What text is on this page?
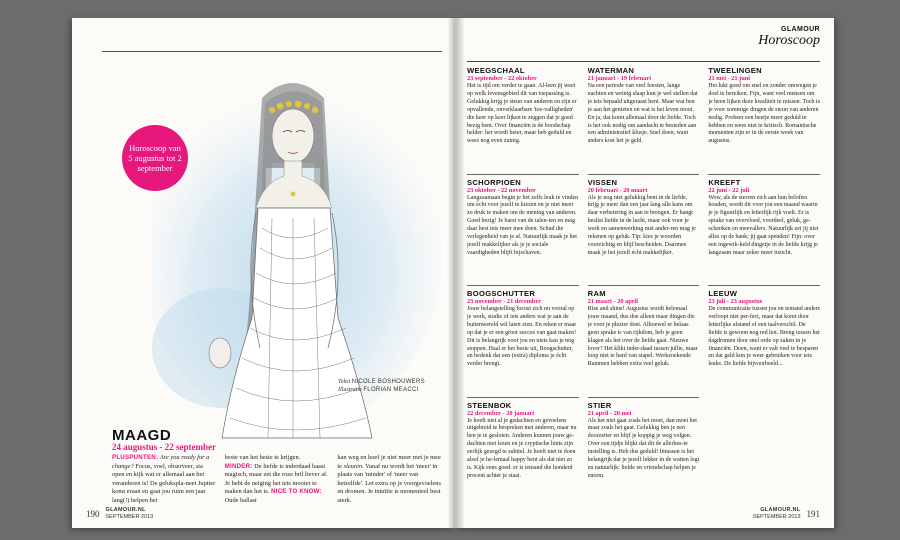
Horoscoop van 5 augustus tot 2 september
Tekst NICOLE BOSHOUWERS
Illustratie FLORIAN MEACCI
MAAGD
24 augustus - 22 september
PLUSPUNTEN: Are you ready for a change? Focus, voel, observeer, sta open en kijk wat er allemaal aan het veranderen is! De gelukspla-neet Jupiter komt eraan en gaat jou ruim een jaar lang(!) helpen het
beste van het beste te krijgen. MINDER: De liefde is inderdaad haast magisch, maar zet die roze bril liever af. Je hebt de neiging het iets mooier te maken dan het is. NICE TO KNOW: Oude ballast
kan weg en hoef je niet meer met je mee te sleuren. Vanaf nu wordt het 'meer' in plaats van 'minder' of 'meer van hetzelfde'. Let extra op je voorgevoelens en dromen. Je intuïtie is momenteel best sterk.
190 GLAMOUR.NL
SEPTEMBER 2013
GLAMOUR
Horoscoop
WEEGSCHAAL
23 september - 22 oktober

Het is tijd om verder te gaan. Al-leen jij weet op welk levensgebied dit van toepassing is. Gelukkig krijg je steun van anderen en zijn er opvallende, onverklaarbare 'toe-valligheden' die keer op keer lijken te zeggen dat je goed bezig bent. Over financiën is de boodschap helder: het wordt beter, maar heb geduld en wees nog even zuinig.

WATERMAN
21 januari - 19 februari

Na een periode van veel feesten, lange nachten en weinig slaap kun je wel stellen dat je iets bepaald uitgeraast bent. Maar wat ben je aan het genieten en wat is het leven mooi. En ja, dat komt allemaal door de liefde. Toch is het ook nodig om aandacht te besteden aan een administratief klusje. Snel doen, want anders kost het je geld.

TWEELINGEN
21 mei - 21 juni

Het lukt goed om snel en zonder omwegen je doel te bereiken. Fijn, want veel mensen om je heen lijken deze kwaliteit te missen. Toch is je voor sommige dingen de steun van anderen nodig. Probeer een beetje meer geduld te hebben en wees niet te kritisch. Romantische momenten zijn er in de eerste week van augustus.

SCHORPIOEN
23 oktober - 22 november

Langzaamaan begin je het zelfs leuk te vinden om écht voor jezelf te kiezen en je niet meer zo druk te maken om de mening van anderen. Goed bezig! Je barst van de talen-ten en mag daar best iets meer mee doen. Schud die verlegenheid van je af. Natuurlijk maak je het jezelf makkelijker als je je sociale vaardigheden blijft bijschaven.

VISSEN
20 februari - 20 maart

Als je nog niet gelukkig bent in de liefde, krijg je meer dan een jaar lang alle kans om daar verbetering in aan te brengen. Er hangt beslist liefde in de lucht, maar ook voor je werk en samenwerking met ander-ren mag je rekenen op geluk. Tip: kies je woorden voorzichtig en blijf bescheiden. Daarmee maak je het jezelf écht makkelijker.

KREEFT
22 juni - 22 juli

Wow, als de sterren zich aan hun beloftes houden, wordt dit voor jou een maand waarin je je figuurlijk en letterlijk rijk voelt. Er is sprake van overvloed, voordeel, geluk, ge-schenken en meevallers. Natuurlijk zet jij niet alles op de bank; jij gaat spenden! Fijn: over een ingewik-keld dingetje in de liefde krijg je langzaam maar zeker meer inzicht.

BOOGSCHUTTER
23 november - 21 december

Jouw belangstelling focust zich nu vooral op je werk, studie of iets anders wat je aan de buitenwereld wil laten zien. En reken er maar op dat je er een groot succes van gaat maken! Dit is belangrijk voor jou en niets kan je nog stoppen. Haal er het beste uit, Boogschutter, en bedenk dat een (extra) diploma je écht verder brengt.

RAM
21 maart - 20 april

Rise and shine! Augustus wordt helemaal jouw maand, dus doe alleen maar dingen die je voor je plezier doet. Alhoewel er helaas geen sprake is van rijkdom, heb je geen klagen als het over de liefde gaat. Nieuwe lover? Het klikt inder-daad tussen jullie, maar loop niet te hard van stapel. Werkzoekende Rammen hebben extra veel geluk.

LEEUW
23 juli - 23 augustus

De communicatie tussen jou en iemand anders verloopt niet per-fect, maar dat komt door letterlijke afstand of een taalverschil. De liefde is gewoon nog red hot. Breng tussen het dagdromen door snel orde op zaken in je financiën. Doen, want er valt veel te besparen en dat geld kun je weer gebruiken voor iets leuks. De liefde bijvoorbeeld...

STEENBOK
22 december - 20 januari

Je hoeft niet al je gedachten en gevoelens uitgebreid te bespreken met anderen, maar nu ben je te gesloten. Anderen kunnen jouw ge-dachten niet lezen en je cryptische hints zijn eerlijk gezegd te subtiel. Je hoeft niet te doen alsof je he-lemaal happy bent als dat niet zo is. Kijk eens goed: er is iemand die honderd procent achter je staat.

STIER
21 april - 20 mei

Als het niet gaat zoals het moet, dan moet het maar zoals het gaat. Gelukkig ben je een doorzetter en blijf je koppig je weg volgen. Over een tijdje blijkt dat dit de allerbes-te instelling is. Heb dus geduld! Intussen is het belangrijk dat je jezelf lekker in de watten legt en natuurlijk: liefde en vriendschap helpen je enorm.

GLAMOUR.NL
SEPTEMBER 2013 191
